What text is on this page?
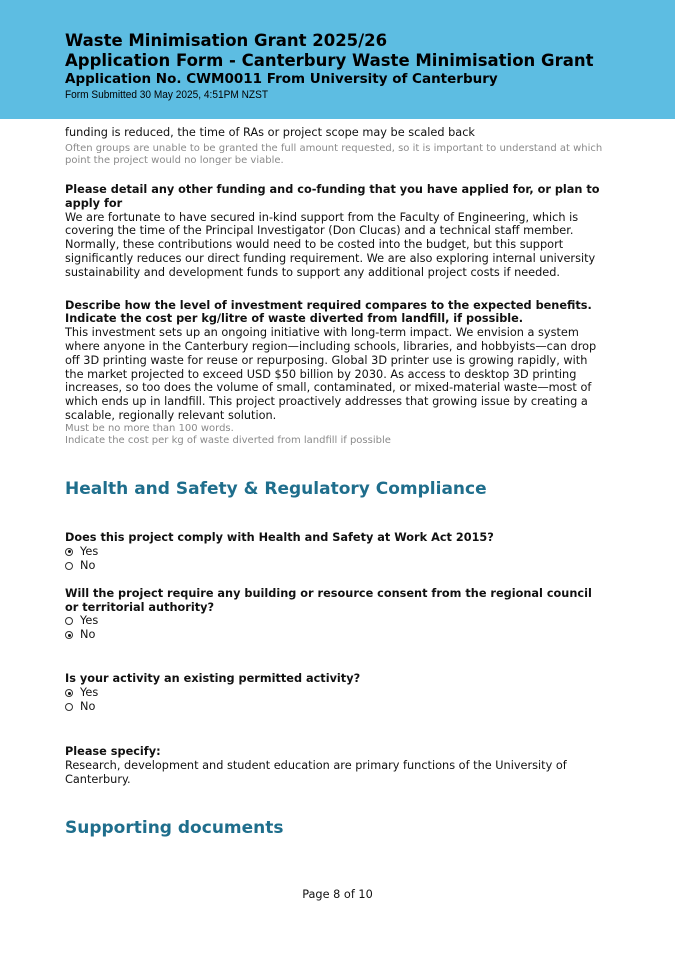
Waste Minimisation Grant 2025/26
Application Form - Canterbury Waste Minimisation Grant
Application No. CWM0011 From University of Canterbury
Form Submitted 30 May 2025, 4:51PM NZST

funding is reduced, the time of RAs or project scope may be scaled back

Often groups are unable to be granted the full amount requested, so it is important to understand at which point the project would no longer be viable.

Please detail any other funding and co-funding that you have applied for, or plan to apply for

We are fortunate to have secured in-kind support from the Faculty of Engineering, which is covering the time of the Principal Investigator (Don Clucas) and a technical staff member. Normally, these contributions would need to be costed into the budget, but this support significantly reduces our direct funding requirement. We are also exploring internal university sustainability and development funds to support any additional project costs if needed.

Describe how the level of investment required compares to the expected benefits. Indicate the cost per kg/litre of waste diverted from landfill, if possible.

This investment sets up an ongoing initiative with long-term impact. We envision a system where anyone in the Canterbury region—including schools, libraries, and hobbyists—can drop off 3D printing waste for reuse or repurposing. Global 3D printer use is growing rapidly, with the market projected to exceed USD $50 billion by 2030. As access to desktop 3D printing increases, so too does the volume of small, contaminated, or mixed-material waste—most of which ends up in landfill. This project proactively addresses that growing issue by creating a scalable, regionally relevant solution.

Must be no more than 100 words.

Indicate the cost per kg of waste diverted from landfill if possible

Health and Safety & Regulatory Compliance

Does this project comply with Health and Safety at Work Act 2015?

Yes
No

Will the project require any building or resource consent from the regional council or territorial authority?

Yes
No

Is your activity an existing permitted activity?

Yes
No

Please specify:

Research, development and student education are primary functions of the University of Canterbury.

Supporting documents
Page 8 of 10
